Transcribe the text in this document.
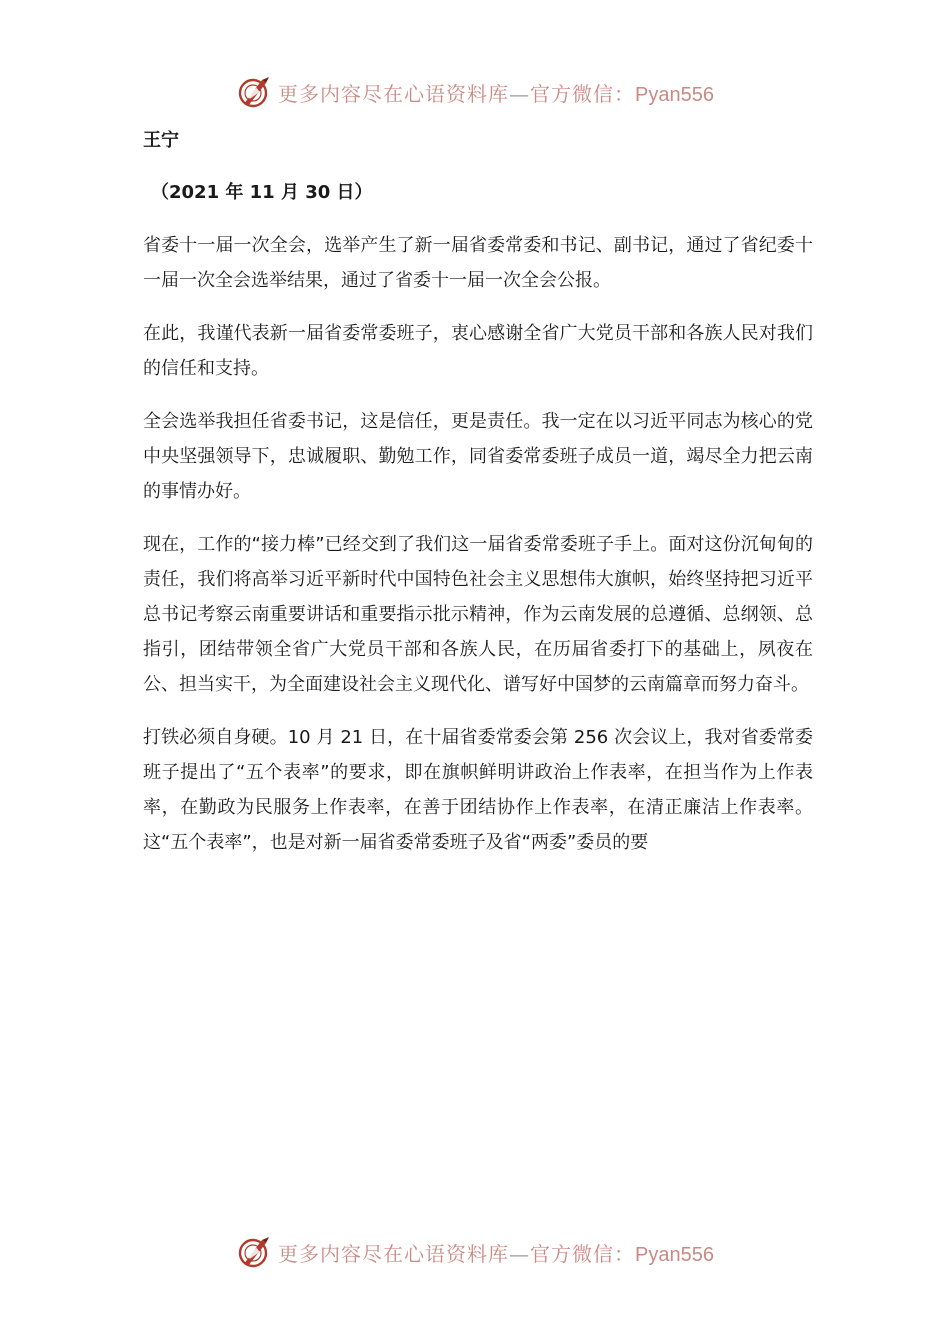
更多内容尽在心语资料库—官方微信：Pyan556
王宁
（2021 年 11 月 30 日）

省委十一届一次全会，选举产生了新一届省委常委和书记、副书记，通过了省纪委十一届一次全会选举结果，通过了省委十一届一次全会公报。

在此，我谨代表新一届省委常委班子，衷心感谢全省广大党员干部和各族人民对我们的信任和支持。

全会选举我担任省委书记，这是信任，更是责任。我一定在以习近平同志为核心的党中央坚强领导下，忠诚履职、勤勉工作，同省委常委班子成员一道，竭尽全力把云南的事情办好。

现在，工作的“接力棒”已经交到了我们这一届省委常委班子手上。面对这份沉甸甸的责任，我们将高举习近平新时代中国特色社会主义思想伟大旗帜，始终坚持把习近平总书记考察云南重要讲话和重要指示批示精神，作为云南发展的总遵循、总纲领、总指引，团结带领全省广大党员干部和各族人民，在历届省委打下的基础上，夙夜在公、担当实干，为全面建设社会主义现代化、谱写好中国梦的云南篇章而努力奋斗。

打铁必须自身硬。10 月 21 日，在十届省委常委会第 256 次会议上，我对省委常委班子提出了“五个表率”的要求，即在旗帜鲜明讲政治上作表率，在担当作为上作表率，在勤政为民服务上作表率，在善于团结协作上作表率，在清正廉洁上作表率。这“五个表率”，也是对新一届省委常委班子及省“两委”委员的要

更多内容尽在心语资料库—官方微信：Pyan556
